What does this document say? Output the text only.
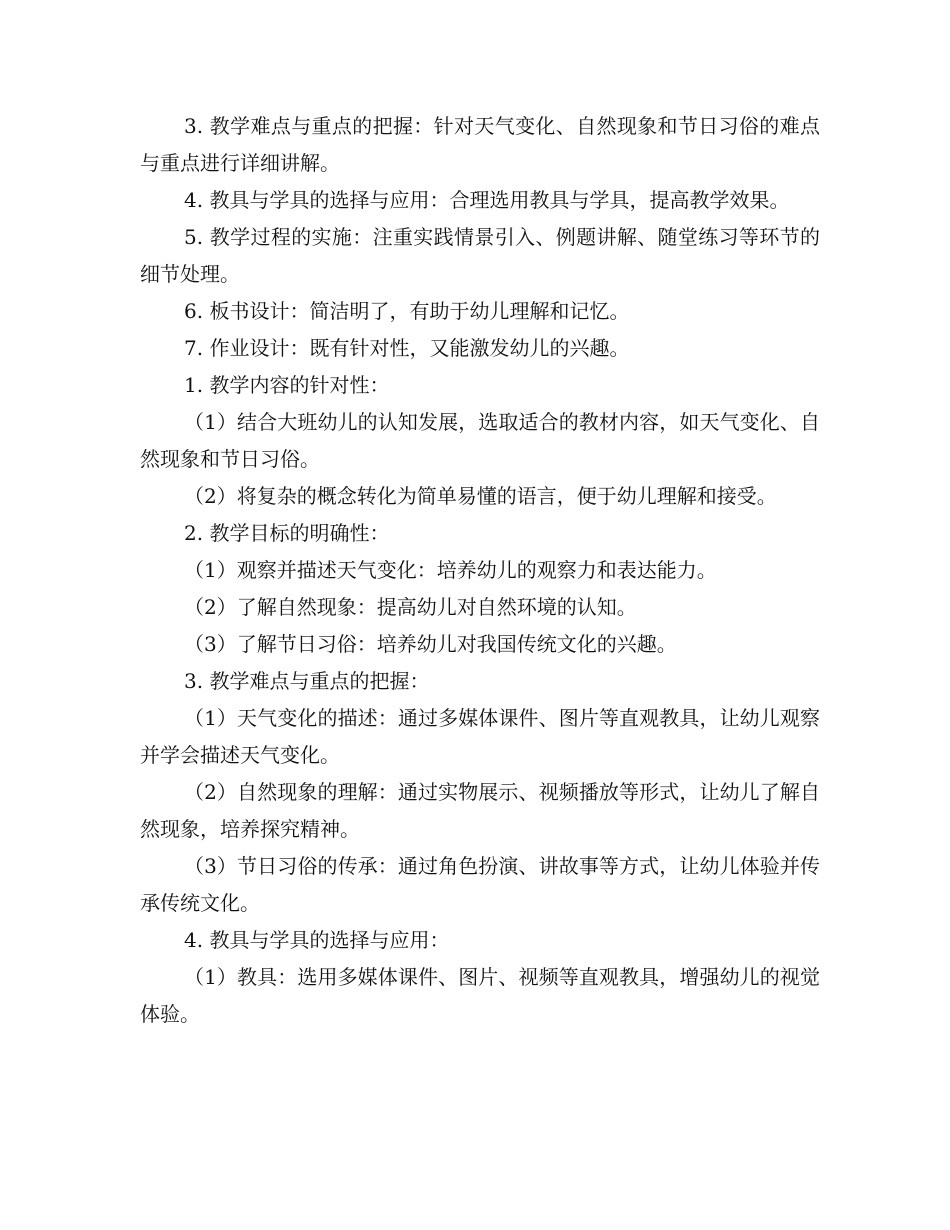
3. 教学难点与重点的把握：针对天气变化、自然现象和节日习俗的难点与重点进行详细讲解。

4. 教具与学具的选择与应用：合理选用教具与学具，提高教学效果。

5. 教学过程的实施：注重实践情景引入、例题讲解、随堂练习等环节的细节处理。

6. 板书设计：简洁明了，有助于幼儿理解和记忆。

7. 作业设计：既有针对性，又能激发幼儿的兴趣。

1. 教学内容的针对性：

（1）结合大班幼儿的认知发展，选取适合的教材内容，如天气变化、自然现象和节日习俗。

（2）将复杂的概念转化为简单易懂的语言，便于幼儿理解和接受。

2. 教学目标的明确性：

（1）观察并描述天气变化：培养幼儿的观察力和表达能力。

（2）了解自然现象：提高幼儿对自然环境的认知。

（3）了解节日习俗：培养幼儿对我国传统文化的兴趣。

3. 教学难点与重点的把握：

（1）天气变化的描述：通过多媒体课件、图片等直观教具，让幼儿观察并学会描述天气变化。

（2）自然现象的理解：通过实物展示、视频播放等形式，让幼儿了解自然现象，培养探究精神。

（3）节日习俗的传承：通过角色扮演、讲故事等方式，让幼儿体验并传承传统文化。

4. 教具与学具的选择与应用：

（1）教具：选用多媒体课件、图片、视频等直观教具，增强幼儿的视觉体验。
